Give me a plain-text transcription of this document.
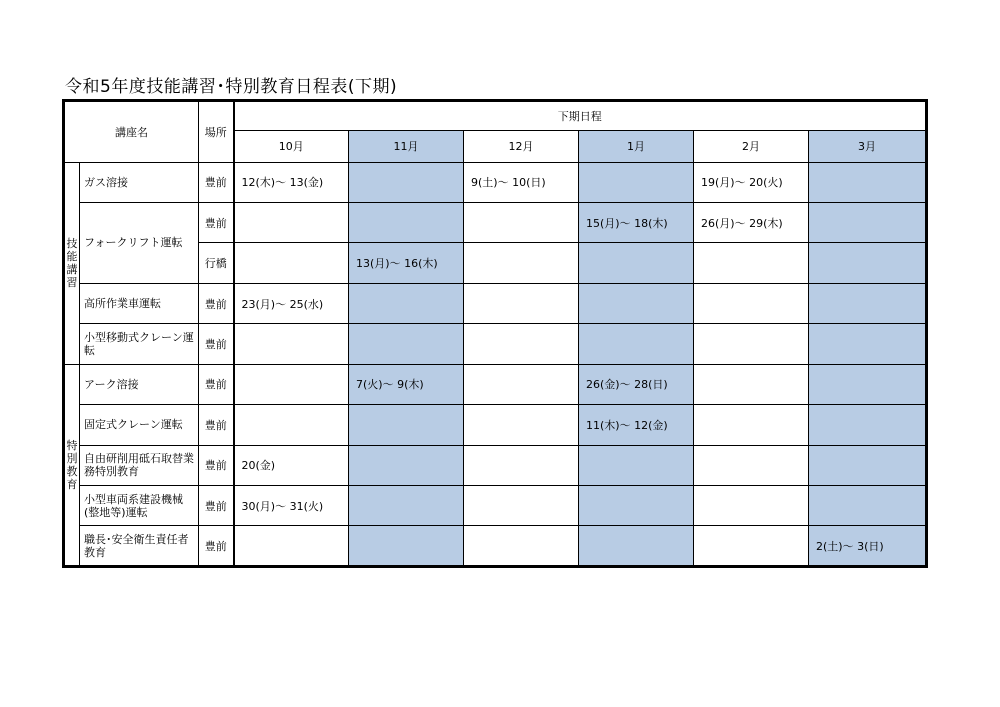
令和5年度技能講習･特別教育日程表(下期)
講座名		場所	下期日程					
			10月	11月	12月	1月	2月	3月
技能講習	ガス溶接	豊前	12(木)～ 13(金)		9(土)～ 10(日)		19(月)～ 20(火)	
	フォークリフト運転	豊前				15(月)～ 18(木)	26(月)～ 29(木)	
		行橋		13(月)～ 16(木)				
	高所作業車運転	豊前	23(月)～ 25(水)					
	小型移動式クレーン運転	豊前						
特別教育	アーク溶接	豊前		7(火)～ 9(木)		26(金)～ 28(日)		
	固定式クレーン運転	豊前				11(木)～ 12(金)		
	自由研削用砥石取替業務特別教育	豊前	20(金)					
	小型車両系建設機械(整地等)運転	豊前	30(月)～ 31(火)					
	職長･安全衛生責任者教育	豊前						2(土)～ 3(日)
